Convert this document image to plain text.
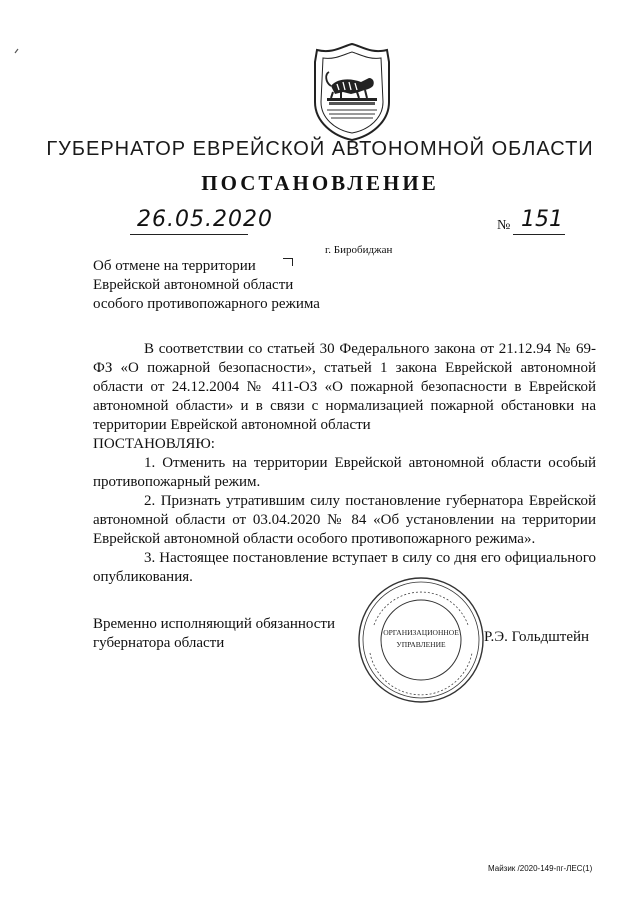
ГУБЕРНАТОР ЕВРЕЙСКОЙ АВТОНОМНОЙ ОБЛАСТИ
ПОСТАНОВЛЕНИЕ
26.05.2020	№ 151
г. Биробиджан
Об отмене на территории
Еврейской автономной области
особого противопожарного режима

В соответствии со статьей 30 Федерального закона от 21.12.94 № 69-ФЗ «О пожарной безопасности», статьей 1 закона Еврейской автономной области от 24.12.2004 № 411-ОЗ «О пожарной безопасности в Еврейской автономной области» и в связи с нормализацией пожарной обстановки на территории Еврейской автономной области

ПОСТАНОВЛЯЮ:

1. Отменить на территории Еврейской автономной области особый противопожарный режим.

2. Признать утратившим силу постановление губернатора Еврейской автономной области от 03.04.2020 № 84 «Об установлении на территории Еврейской автономной области особого противопожарного режима».

3. Настоящее постановление вступает в силу со дня его официального опубликования.

Временно исполняющий обязанности
губернатора области
ОРГАНИЗАЦИОННОЕ
УПРАВЛЕНИЕ	Р.Э. Гольдштейн
Майзик /2020-149-пг-ЛЕС(1)
